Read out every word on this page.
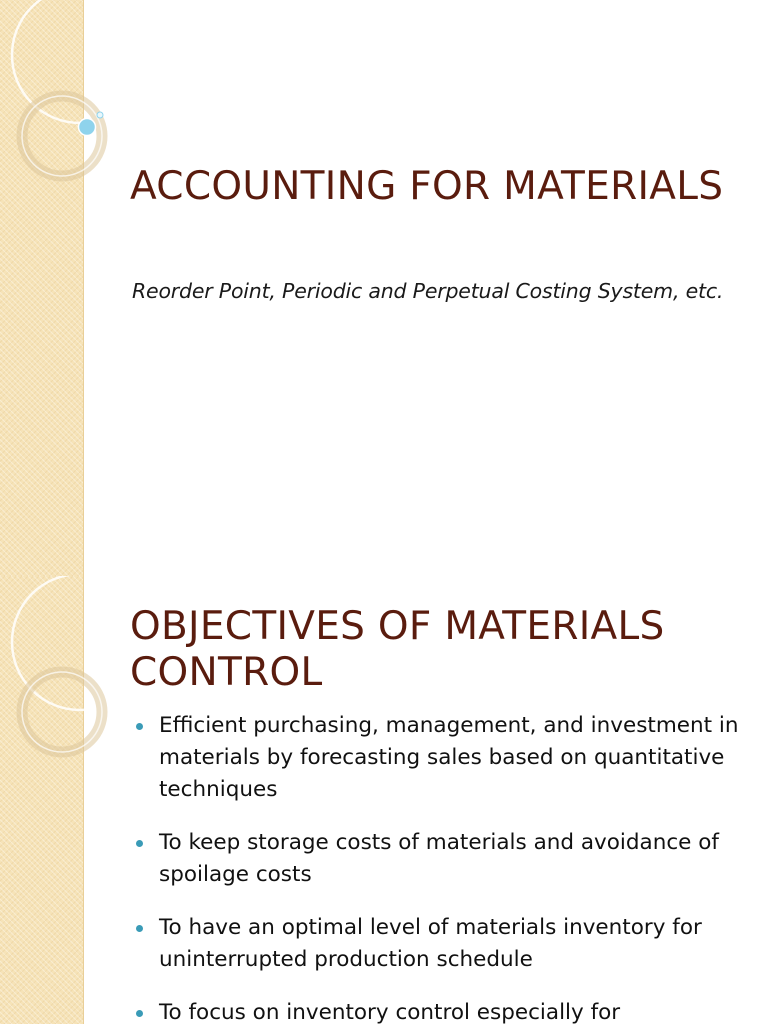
ACCOUNTING FOR MATERIALS

Reorder Point, Periodic and Perpetual Costing System, etc.

OBJECTIVES OF MATERIALS CONTROL
Efficient purchasing, management, and investment in materials by forecasting sales based on quantitative techniques
To keep storage costs of materials and avoidance of spoilage costs
To have an optimal level of materials inventory for uninterrupted production schedule
To focus on inventory control especially for
